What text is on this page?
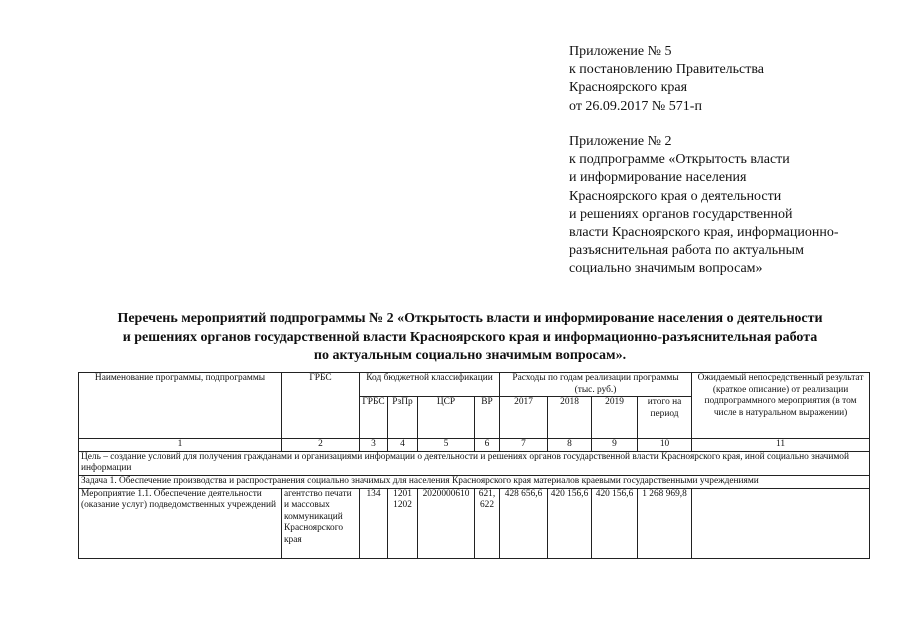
Приложение № 5
к постановлению Правительства
Красноярского края
от 26.09.2017 № 571-п
Приложение № 2
к подпрограмме «Открытость власти
и информирование населения
Красноярского края о деятельности
и решениях органов государственной
власти Красноярского края, информационно-
разъяснительная работа по актуальным
социально значимым вопросам»
Перечень мероприятий подпрограммы № 2 «Открытость власти и информирование населения о деятельности
и решениях органов государственной власти Красноярского края и информационно-разъяснительная работа
по актуальным социально значимым вопросам».
Наименование программы, подпрограммы	ГРБС	Код бюджетной классификации				Расходы по годам реализации программы (тыс. руб.)				Ожидаемый непосредственный результат (краткое описание) от реализации подпрограммного мероприятия (в том числе в натуральном выражении)
		ГРБС	РзПр	ЦСР	ВР	2017	2018	2019	итого на период	
1	2	3	4	5	6	7	8	9	10	11
Цель – создание условий для получения гражданами и организациями информации о деятельности и решениях органов государственной власти Красноярского края, иной социально значимой информации										
Задача 1. Обеспечение производства и распространения социально значимых для населения Красноярского края материалов краевыми государственными учреждениями										
Мероприятие 1.1. Обеспечение деятельности (оказание услуг) подведомственных учреждений	агентство печати и массовых коммуникаций Красноярского края	134	1201 1202	2020000610	621, 622	428 656,6	420 156,6	420 156,6	1 268 969,8	
